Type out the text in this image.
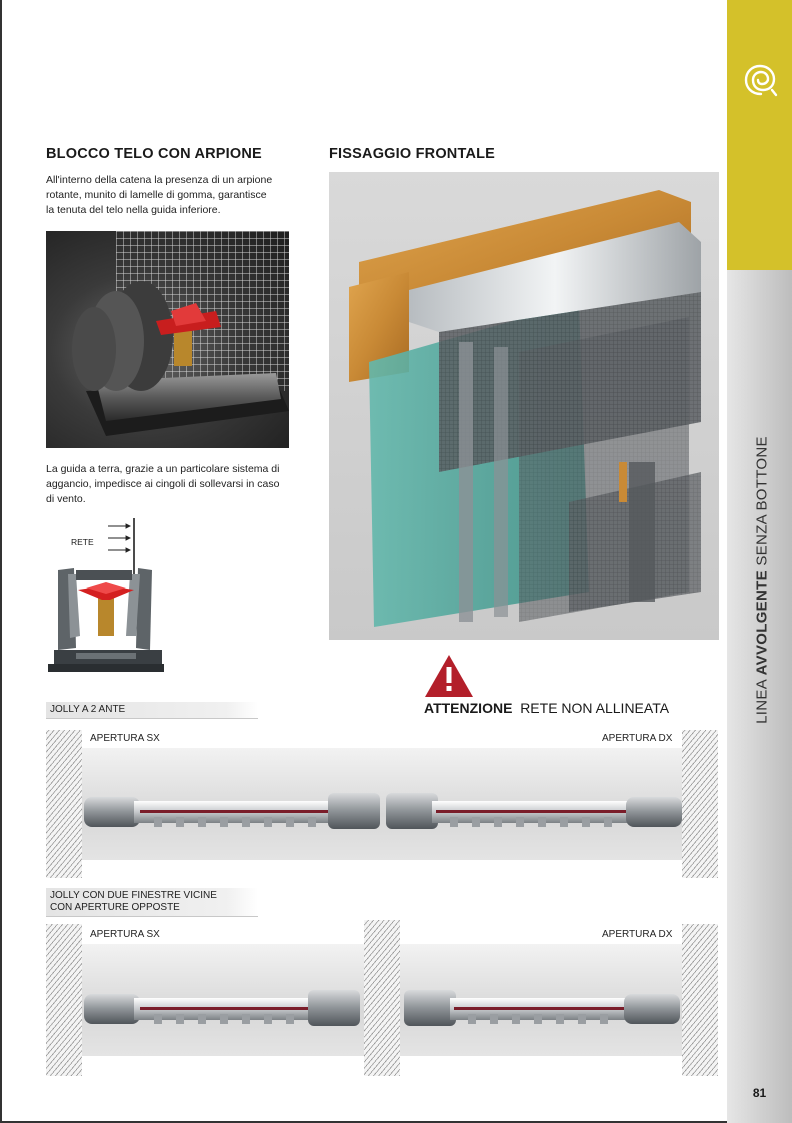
LINEA AVVOLGENTE SENZA BOTTONE
81
BLOCCO TELO CON ARPIONE
All'interno della catena la presenza di un arpione
rotante, munito di lamelle di gomma, garantisce
la tenuta del telo nella guida inferiore.
La guida a terra, grazie a un particolare sistema di
aggancio, impedisce ai cingoli di sollevarsi in caso
di vento.
RETE
FISSAGGIO FRONTALE
ATTENZIONE RETE NON ALLINEATA
JOLLY A 2 ANTE
APERTURA SX	APERTURA DX
JOLLY CON DUE FINESTRE VICINE
CON APERTURE OPPOSTE
APERTURA SX	APERTURA DX
